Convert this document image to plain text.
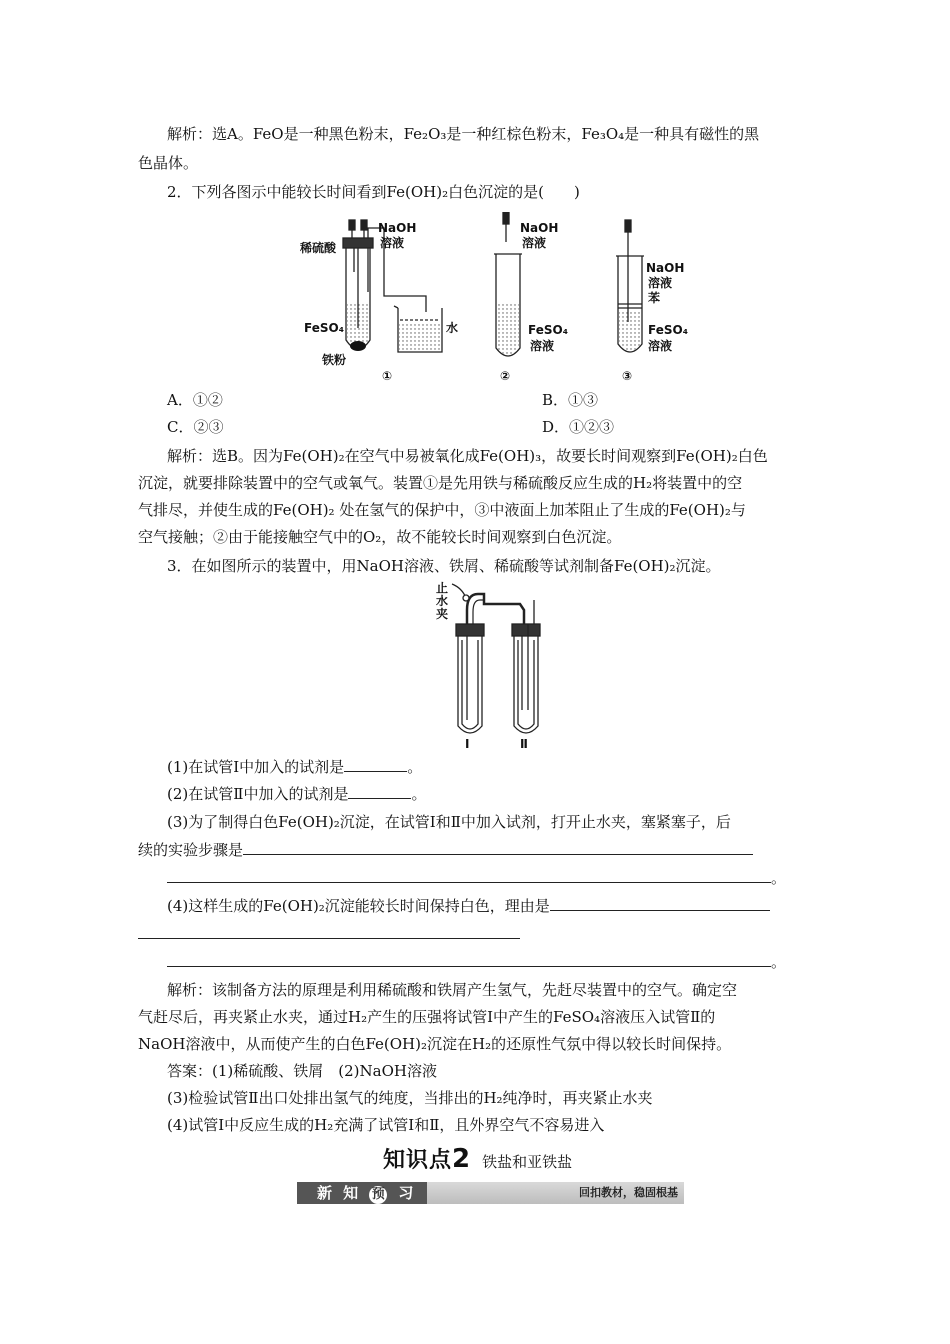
解析：选A。FeO是一种黑色粉末，Fe₂O₃是一种红棕色粉末，Fe₃O₄是一种具有磁性的黑
色晶体。
2．下列各图示中能较长时间看到Fe(OH)₂白色沉淀的是(　　)
稀硫酸
NaOH
溶液
FeSO₄
铁粉
水
NaOH
溶液
FeSO₄
溶液
NaOH
溶液
苯
FeSO₄
溶液
①	②	③
A．①②	B．①③
C．②③	D．①②③
解析：选B。因为Fe(OH)₂在空气中易被氧化成Fe(OH)₃，故要长时间观察到Fe(OH)₂白色
沉淀，就要排除装置中的空气或氧气。装置①是先用铁与稀硫酸反应生成的H₂将装置中的空
气排尽，并使生成的Fe(OH)₂ 处在氢气的保护中，③中液面上加苯阻止了生成的Fe(OH)₂与
空气接触；②由于能接触空气中的O₂，故不能较长时间观察到白色沉淀。
3．在如图所示的装置中，用NaOH溶液、铁屑、稀硫酸等试剂制备Fe(OH)₂沉淀。
止
水
夹
Ⅰ	Ⅱ
(1)在试管Ⅰ中加入的试剂是	。
(2)在试管Ⅱ中加入的试剂是	。
(3)为了制得白色Fe(OH)₂沉淀，在试管Ⅰ和Ⅱ中加入试剂，打开止水夹，塞紧塞子，后
续的实验步骤是
。
(4)这样生成的Fe(OH)₂沉淀能较长时间保持白色，理由是
。
解析：该制备方法的原理是利用稀硫酸和铁屑产生氢气，先赶尽装置中的空气。确定空
气赶尽后，再夹紧止水夹，通过H₂产生的压强将试管Ⅰ中产生的FeSO₄溶液压入试管Ⅱ的
NaOH溶液中，从而使产生的白色Fe(OH)₂沉淀在H₂的还原性气氛中得以较长时间保持。
答案：(1)稀硫酸、铁屑　(2)NaOH溶液
(3)检验试管Ⅱ出口处排出氢气的纯度，当排出的H₂纯净时，再夹紧止水夹
(4)试管Ⅰ中反应生成的H₂充满了试管Ⅰ和Ⅱ，且外界空气不容易进入
知识点2 铁盐和亚铁盐
新 知 预 习	回扣教材，稳固根基
